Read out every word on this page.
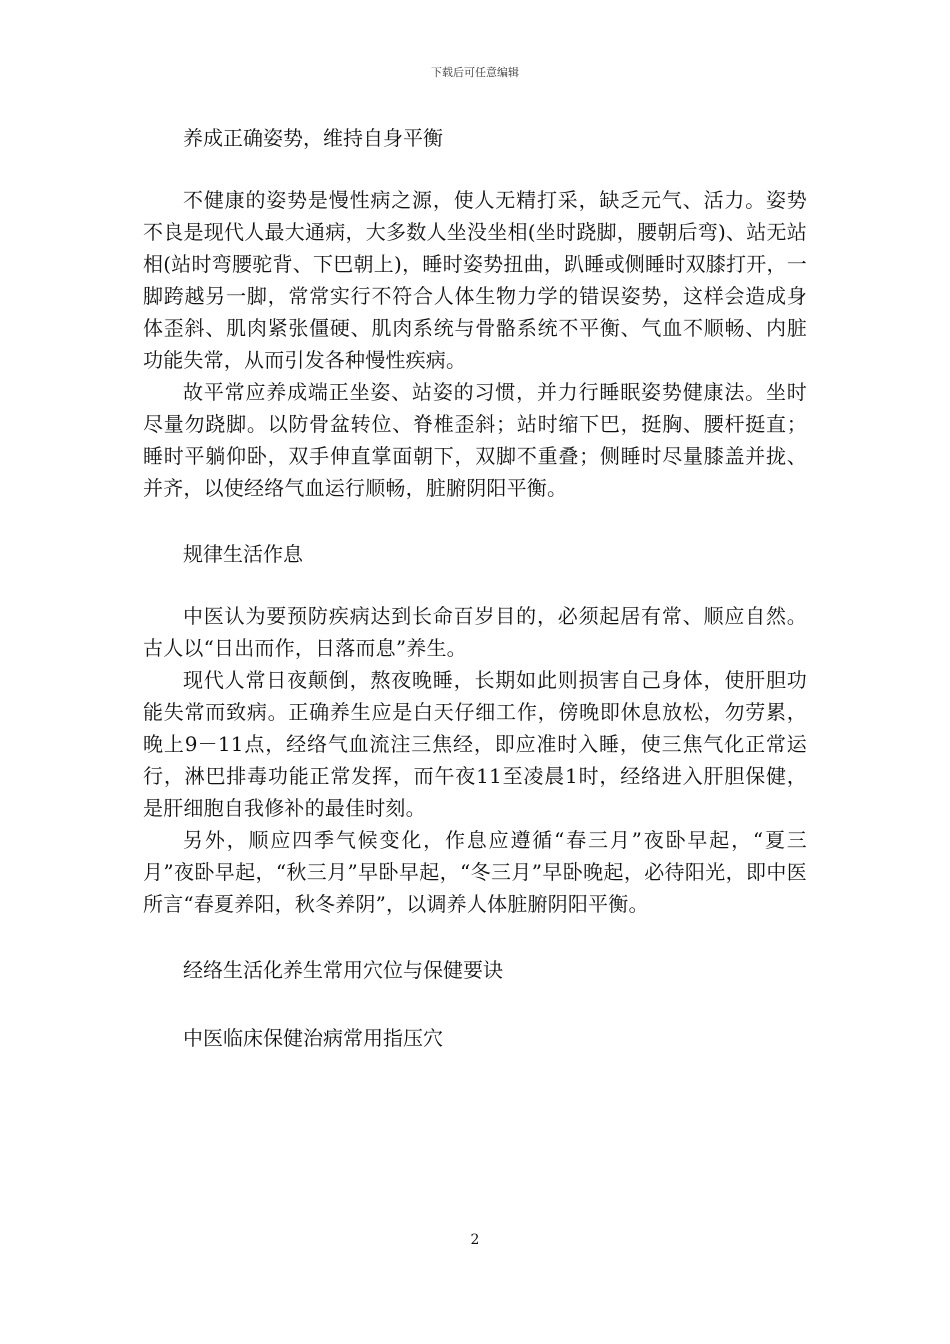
下载后可任意编辑
养成正确姿势，维持自身平衡

不健康的姿势是慢性病之源，使人无精打采，缺乏元气、活力。姿势不良是现代人最大通病，大多数人坐没坐相(坐时跷脚，腰朝后弯)、站无站相(站时弯腰驼背、下巴朝上)，睡时姿势扭曲，趴睡或侧睡时双膝打开，一脚跨越另一脚，常常实行不符合人体生物力学的错误姿势，这样会造成身体歪斜、肌肉紧张僵硬、肌肉系统与骨骼系统不平衡、气血不顺畅、内脏功能失常，从而引发各种慢性疾病。

故平常应养成端正坐姿、站姿的习惯，并力行睡眠姿势健康法。坐时尽量勿跷脚。以防骨盆转位、脊椎歪斜；站时缩下巴，挺胸、腰杆挺直；睡时平躺仰卧，双手伸直掌面朝下，双脚不重叠；侧睡时尽量膝盖并拢、并齐，以使经络气血运行顺畅，脏腑阴阳平衡。

规律生活作息

中医认为要预防疾病达到长命百岁目的，必须起居有常、顺应自然。古人以“日出而作，日落而息”养生。

现代人常日夜颠倒，熬夜晚睡，长期如此则损害自己身体，使肝胆功能失常而致病。正确养生应是白天仔细工作，傍晚即休息放松，勿劳累，晚上9－11点，经络气血流注三焦经，即应准时入睡，使三焦气化正常运行，淋巴排毒功能正常发挥，而午夜11至凌晨1时，经络进入肝胆保健，是肝细胞自我修补的最佳时刻。

另外，顺应四季气候变化，作息应遵循“春三月”夜卧早起，“夏三月”夜卧早起，“秋三月”早卧早起，“冬三月”早卧晚起，必待阳光，即中医所言“春夏养阳，秋冬养阴”，以调养人体脏腑阴阳平衡。

经络生活化养生常用穴位与保健要诀
中医临床保健治病常用指压穴
2
